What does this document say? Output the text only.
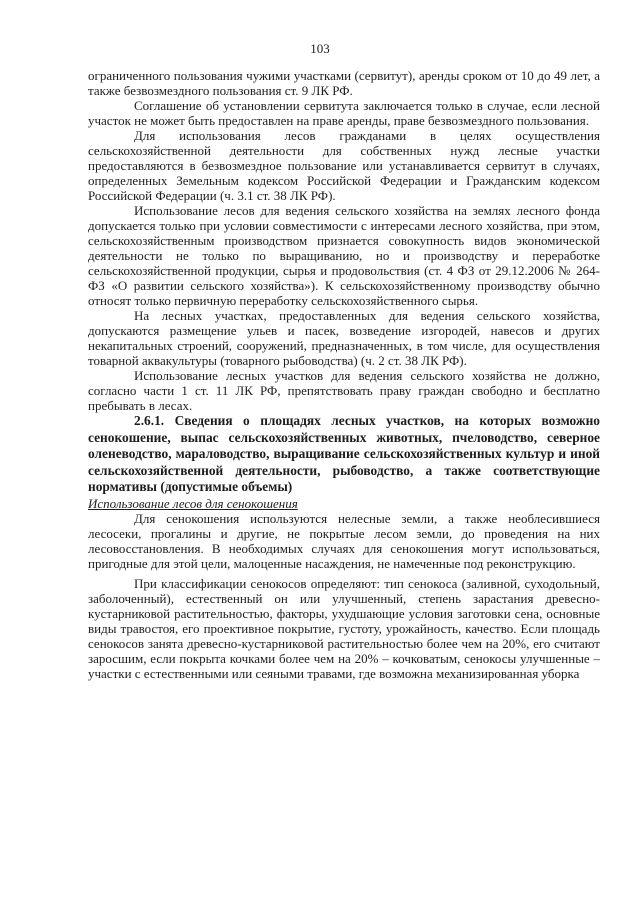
103

ограниченного пользования чужими участками (сервитут), аренды сроком от 10 до 49 лет, а также безвозмездного пользования ст. 9 ЛК РФ.

Соглашение об установлении сервитута заключается только в случае, если лесной участок не может быть предоставлен на праве аренды, праве безвозмездного пользования.

Для использования лесов гражданами в целях осуществления сельскохозяйственной деятельности для собственных нужд лесные участки предоставляются в безвозмездное пользование или устанавливается сервитут в случаях, определенных Земельным кодексом Российской Федерации и Гражданским кодексом Российской Федерации (ч. 3.1 ст. 38 ЛК РФ).

Использование лесов для ведения сельского хозяйства на землях лесного фонда допускается только при условии совместимости с интересами лесного хозяйства, при этом, сельскохозяйственным производством признается совокупность видов экономической деятельности не только по выращиванию, но и производству и переработке сельскохозяйственной продукции, сырья и продовольствия (ст. 4 ФЗ от 29.12.2006 № 264-ФЗ «О развитии сельского хозяйства»). К сельскохозяйственному производству обычно относят только первичную переработку сельскохозяйственного сырья.

На лесных участках, предоставленных для ведения сельского хозяйства, допускаются размещение ульев и пасек, возведение изгородей, навесов и других некапитальных строений, сооружений, предназначенных, в том числе, для осуществления товарной аквакультуры (товарного рыбоводства) (ч. 2 ст. 38 ЛК РФ).

Использование лесных участков для ведения сельского хозяйства не должно, согласно части 1 ст. 11 ЛК РФ, препятствовать праву граждан свободно и бесплатно пребывать в лесах.

2.6.1. Сведения о площадях лесных участков, на которых возможно сенокошение, выпас сельскохозяйственных животных, пчеловодство, северное оленеводство, мараловодство, выращивание сельскохозяйственных культур и иной сельскохозяйственной деятельности, рыбоводство, а также соответствующие нормативы (допустимые объемы)

Использование лесов для сенокошения

Для сенокошения используются нелесные земли, а также необлесившиеся лесосеки, прогалины и другие, не покрытые лесом земли, до проведения на них лесовосстановления. В необходимых случаях для сенокошения могут использоваться, пригодные для этой цели, малоценные насаждения, не намеченные под реконструкцию.

При классификации сенокосов определяют: тип сенокоса (заливной, суходольный, заболоченный), естественный он или улучшенный, степень зарастания древесно-кустарниковой растительностью, факторы, ухудшающие условия заготовки сена, основные виды травостоя, его проективное покрытие, густоту, урожайность, качество. Если площадь сенокосов занята древесно-кустарниковой растительностью более чем на 20%, его считают заросшим, если покрыта кочками более чем на 20% – кочковатым, сенокосы улучшенные – участки с естественными или сеяными травами, где возможна механизированная уборка
